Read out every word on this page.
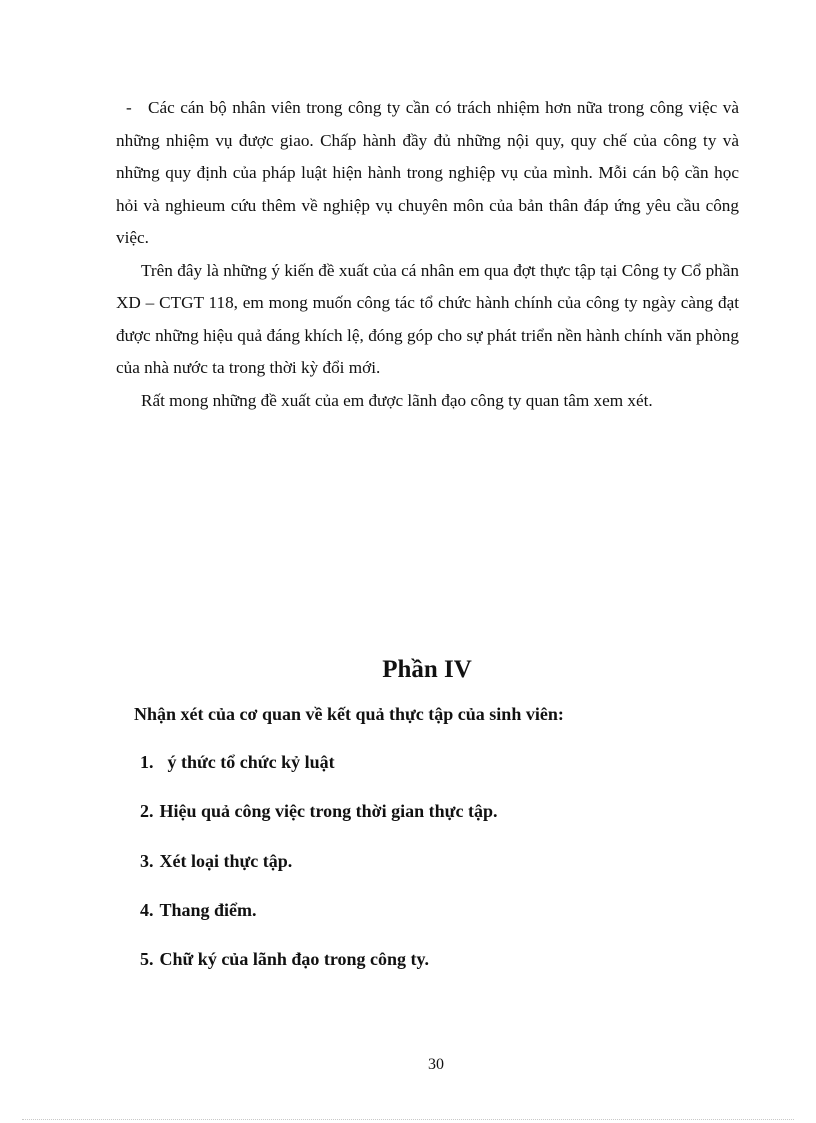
- Các cán bộ nhân viên trong công ty cần có trách nhiệm hơn nữa trong công việc và những nhiệm vụ được giao. Chấp hành đầy đủ những nội quy, quy chế của công ty và những quy định của pháp luật hiện hành trong nghiệp vụ của mình. Mỗi cán bộ cần học hỏi và nghieum cứu thêm về nghiệp vụ chuyên môn của bản thân đáp ứng yêu cầu công việc.

Trên đây là những ý kiến đề xuất của cá nhân em qua đợt thực tập tại Công ty Cổ phần XD – CTGT 118, em mong muốn công tác tổ chức hành chính của công ty ngày càng đạt được những hiệu quả đáng khích lệ, đóng góp cho sự phát triển nền hành chính văn phòng của nhà nước ta trong thời kỳ đổi mới.

Rất mong những đề xuất của em được lãnh đạo công ty quan tâm xem xét.

Phần IV

Nhận xét của cơ quan về kết quả thực tập của sinh viên:

1. ý thức tổ chức kỷ luật
2. Hiệu quả công việc trong thời gian thực tập.
3. Xét loại thực tập.
4. Thang điểm.
5. Chữ ký của lãnh đạo trong công ty.
30
